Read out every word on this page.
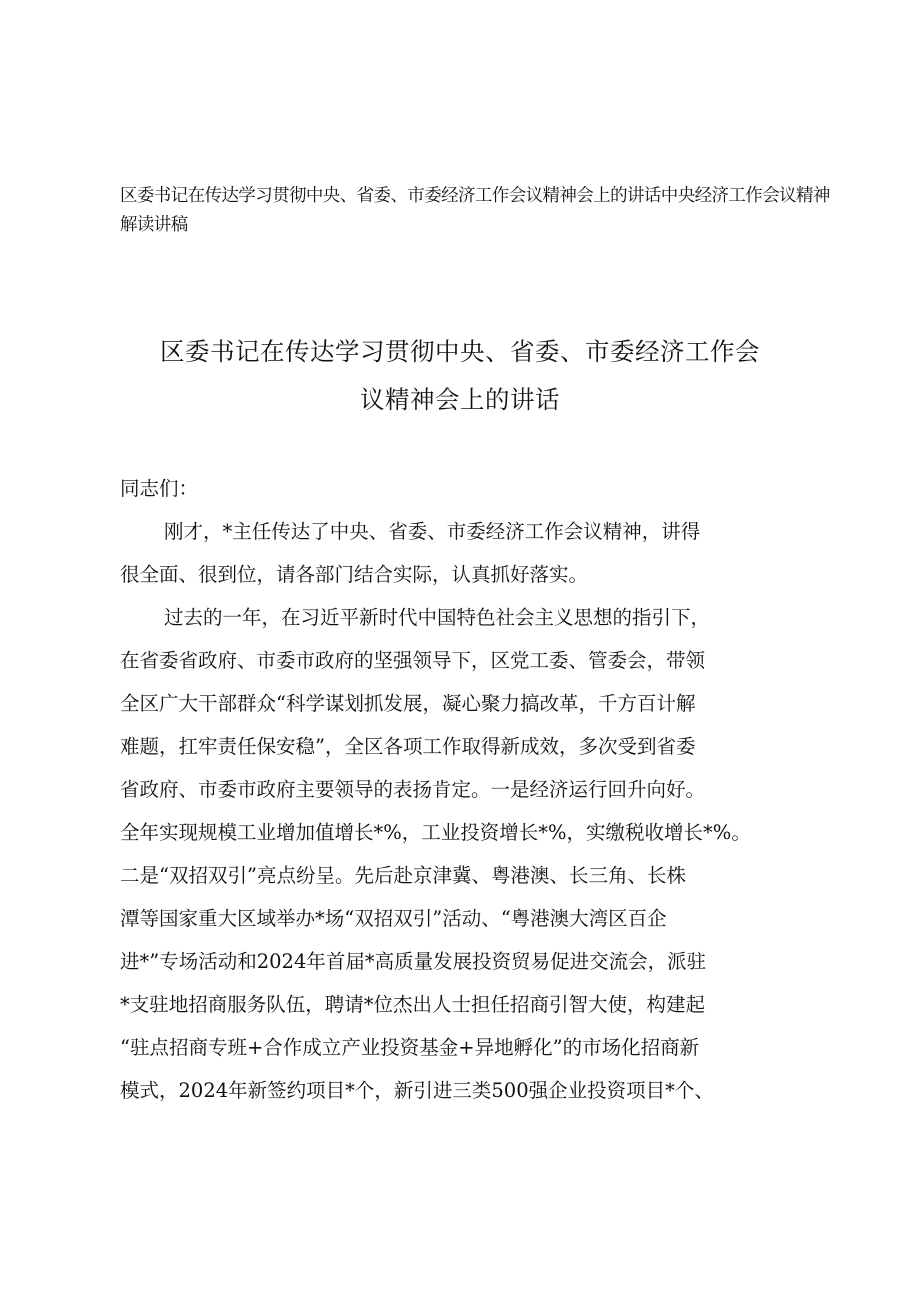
区委书记在传达学习贯彻中央、省委、市委经济工作会议精神会上的讲话中央经济工作会议精神解读讲稿
区委书记在传达学习贯彻中央、省委、市委经济工作会
议精神会上的讲话
同志们：
刚才，*主任传达了中央、省委、市委经济工作会议精神，讲得
很全面、很到位，请各部门结合实际，认真抓好落实。
过去的一年，在习近平新时代中国特色社会主义思想的指引下，
在省委省政府、市委市政府的坚强领导下，区党工委、管委会，带领
全区广大干部群众“科学谋划抓发展，凝心聚力搞改革，千方百计解
难题，扛牢责任保安稳”，全区各项工作取得新成效，多次受到省委
省政府、市委市政府主要领导的表扬肯定。一是经济运行回升向好。
全年实现规模工业增加值增长*%，工业投资增长*%，实缴税收增长*%。
二是“双招双引”亮点纷呈。先后赴京津冀、粤港澳、长三角、长株
潭等国家重大区域举办*场“双招双引”活动、“粤港澳大湾区百企
进*”专场活动和2024年首届*高质量发展投资贸易促进交流会，派驻
*支驻地招商服务队伍，聘请*位杰出人士担任招商引智大使，构建起
“驻点招商专班+合作成立产业投资基金+异地孵化”的市场化招商新
模式，2024年新签约项目*个，新引进三类500强企业投资项目*个、
